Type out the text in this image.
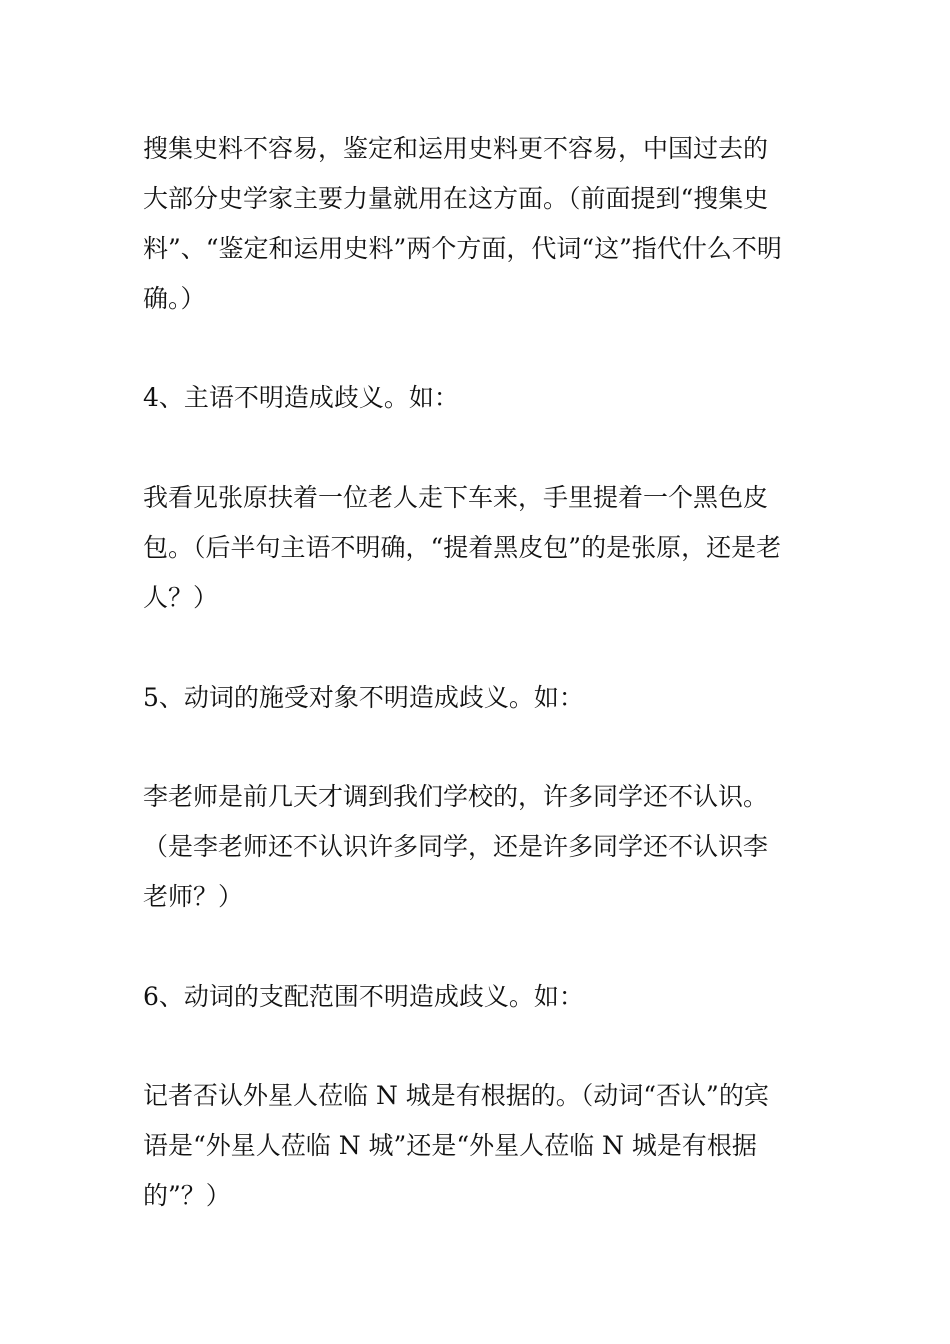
搜集史料不容易，鉴定和运用史料更不容易，中国过去的
大部分史学家主要力量就用在这方面。（前面提到“搜集史
料”、“鉴定和运用史料”两个方面，代词“这”指代什么不明
确。）
4、主语不明造成歧义。如：
我看见张原扶着一位老人走下车来，手里提着一个黑色皮
包。（后半句主语不明确，“提着黑皮包”的是张原，还是老
人？）
5、动词的施受对象不明造成歧义。如：
李老师是前几天才调到我们学校的，许多同学还不认识。
（是李老师还不认识许多同学，还是许多同学还不认识李
老师？）
6、动词的支配范围不明造成歧义。如：
记者否认外星人莅临 N 城是有根据的。（动词“否认”的宾
语是“外星人莅临 N 城”还是“外星人莅临 N 城是有根据
的”？）
